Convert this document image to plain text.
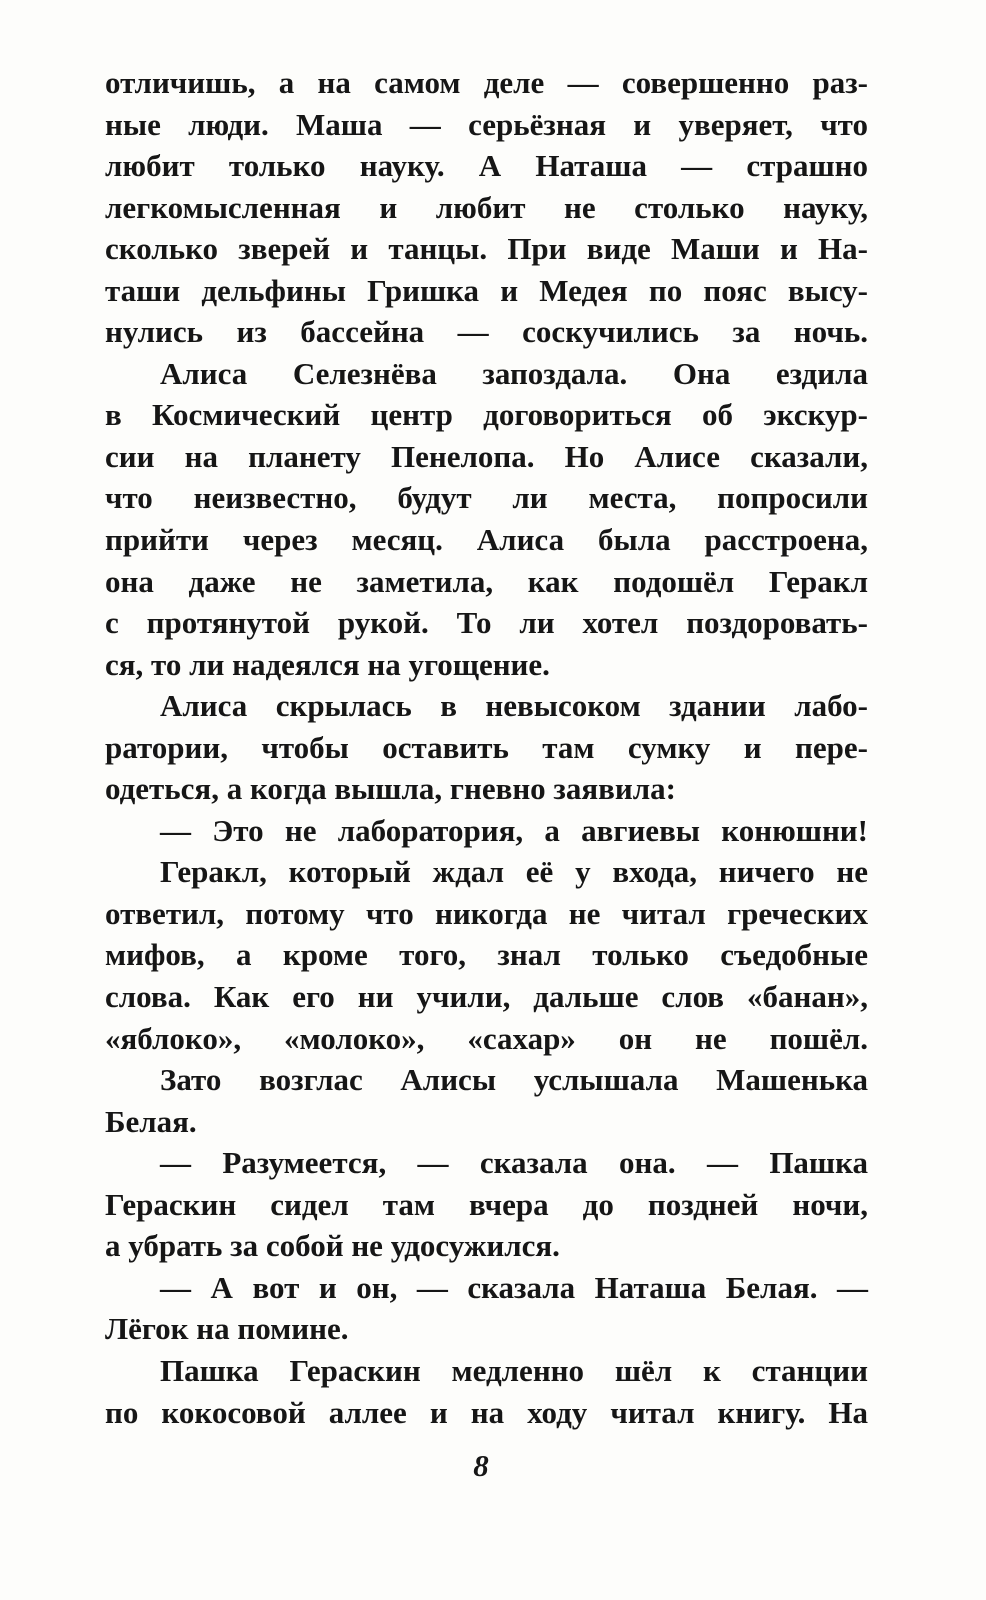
отличишь, а на самом деле — совершенно раз-
ные люди. Маша — серьёзная и уверяет, что
любит только науку. А Наташа — страшно
легкомысленная и любит не столько науку,
сколько зверей и танцы. При виде Маши и На-
таши дельфины Гришка и Медея по пояс высу-
нулись из бассейна — соскучились за ночь.
Алиса Селезнёва запоздала. Она ездила
в Космический центр договориться об экскур-
сии на планету Пенелопа. Но Алисе сказали,
что неизвестно, будут ли места, попросили
прийти через месяц. Алиса была расстроена,
она даже не заметила, как подошёл Геракл
с протянутой рукой. То ли хотел поздоровать-
ся, то ли надеялся на угощение.
Алиса скрылась в невысоком здании лабо-
ратории, чтобы оставить там сумку и пере-
одеться, а когда вышла, гневно заявила:
— Это не лаборатория, а авгиевы конюшни!
Геракл, который ждал её у входа, ничего не
ответил, потому что никогда не читал греческих
мифов, а кроме того, знал только съедобные
слова. Как его ни учили, дальше слов «банан»,
«яблоко», «молоко», «сахар» он не пошёл.
Зато возглас Алисы услышала Машенька
Белая.
— Разумеется, — сказала она. — Пашка
Гераскин сидел там вчера до поздней ночи,
а убрать за собой не удосужился.
— А вот и он, — сказала Наташа Белая. —
Лёгок на помине.
Пашка Гераскин медленно шёл к станции
по кокосовой аллее и на ходу читал книгу. На
8
